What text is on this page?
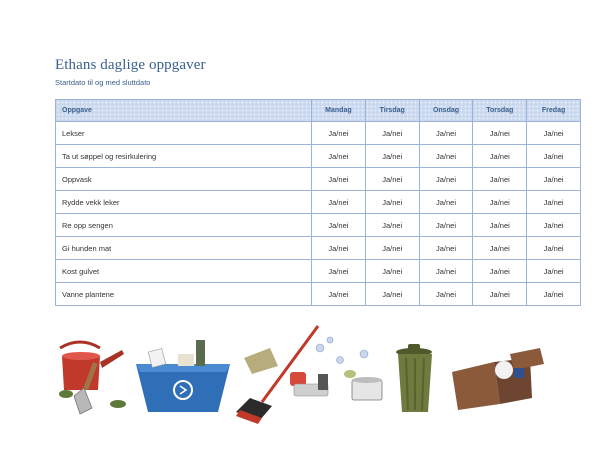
Ethans daglige oppgaver
Startdato til og med sluttdato
Oppgave	Mandag	Tirsdag	Onsdag	Torsdag	Fredag
Lekser	Ja/nei	Ja/nei	Ja/nei	Ja/nei	Ja/nei
Ta ut søppel og resirkulering	Ja/nei	Ja/nei	Ja/nei	Ja/nei	Ja/nei
Oppvask	Ja/nei	Ja/nei	Ja/nei	Ja/nei	Ja/nei
Rydde vekk leker	Ja/nei	Ja/nei	Ja/nei	Ja/nei	Ja/nei
Re opp sengen	Ja/nei	Ja/nei	Ja/nei	Ja/nei	Ja/nei
Gi hunden mat	Ja/nei	Ja/nei	Ja/nei	Ja/nei	Ja/nei
Kost gulvet	Ja/nei	Ja/nei	Ja/nei	Ja/nei	Ja/nei
Vanne plantene	Ja/nei	Ja/nei	Ja/nei	Ja/nei	Ja/nei
